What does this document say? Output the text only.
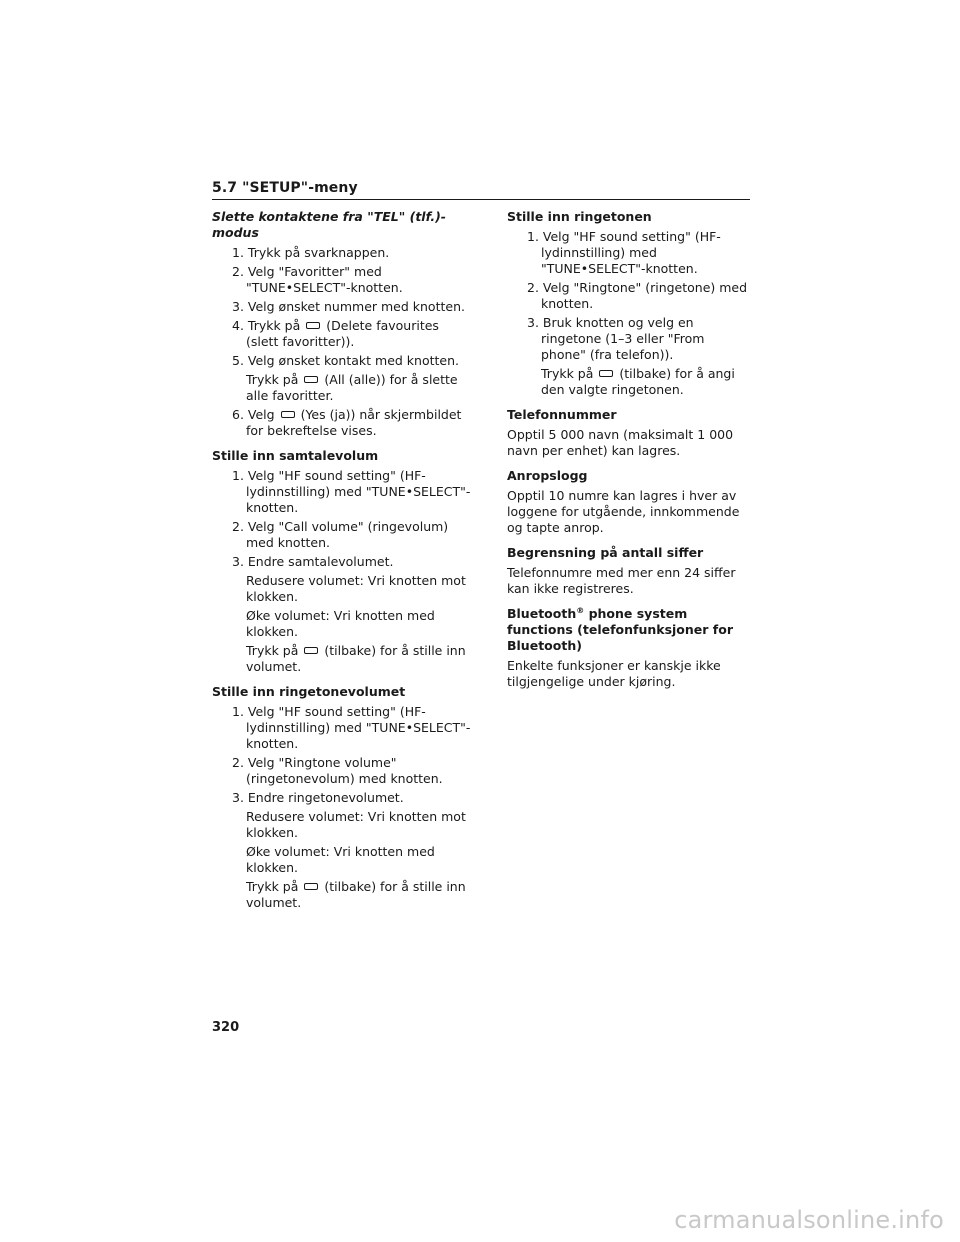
5.7 "SETUP"-meny

Slette kontaktene fra "TEL" (tlf.)-modus

1. Trykk på svarknappen.

2. Velg "Favoritter" med "TUNE•SELECT"-knotten.

3. Velg ønsket nummer med knotten.

4. Trykk på (Delete favourites (slett favoritter)).

5. Velg ønsket kontakt med knotten.

Trykk på (All (alle)) for å slette alle favoritter.

6. Velg (Yes (ja)) når skjermbildet for bekreftelse vises.

Stille inn samtalevolum

1. Velg "HF sound setting" (HF-lydinnstilling) med "TUNE•SELECT"-knotten.

2. Velg "Call volume" (ringevolum) med knotten.

3. Endre samtalevolumet.

Redusere volumet: Vri knotten mot klokken.

Øke volumet: Vri knotten med klokken.

Trykk på (tilbake) for å stille inn volumet.

Stille inn ringetonevolumet

1. Velg "HF sound setting" (HF-lydinnstilling) med "TUNE•SELECT"-knotten.

2. Velg "Ringtone volume" (ringetonevolum) med knotten.

3. Endre ringetonevolumet.

Redusere volumet: Vri knotten mot klokken.

Øke volumet: Vri knotten med klokken.

Trykk på (tilbake) for å stille inn volumet.

Stille inn ringetonen

1. Velg "HF sound setting" (HF-lydinnstilling) med "TUNE•SELECT"-knotten.

2. Velg "Ringtone" (ringetone) med knotten.

3. Bruk knotten og velg en ringetone (1–3 eller "From phone" (fra telefon)).

Trykk på (tilbake) for å angi den valgte ringetonen.

Telefonnummer

Opptil 5 000 navn (maksimalt 1 000 navn per enhet) kan lagres.

Anropslogg

Opptil 10 numre kan lagres i hver av loggene for utgående, innkommende og tapte anrop.

Begrensning på antall siffer

Telefonnumre med mer enn 24 siffer kan ikke registreres.

Bluetooth® phone system functions (telefonfunksjoner for Bluetooth)

Enkelte funksjoner er kanskje ikke tilgjengelige under kjøring.

320
carmanualsonline.info
